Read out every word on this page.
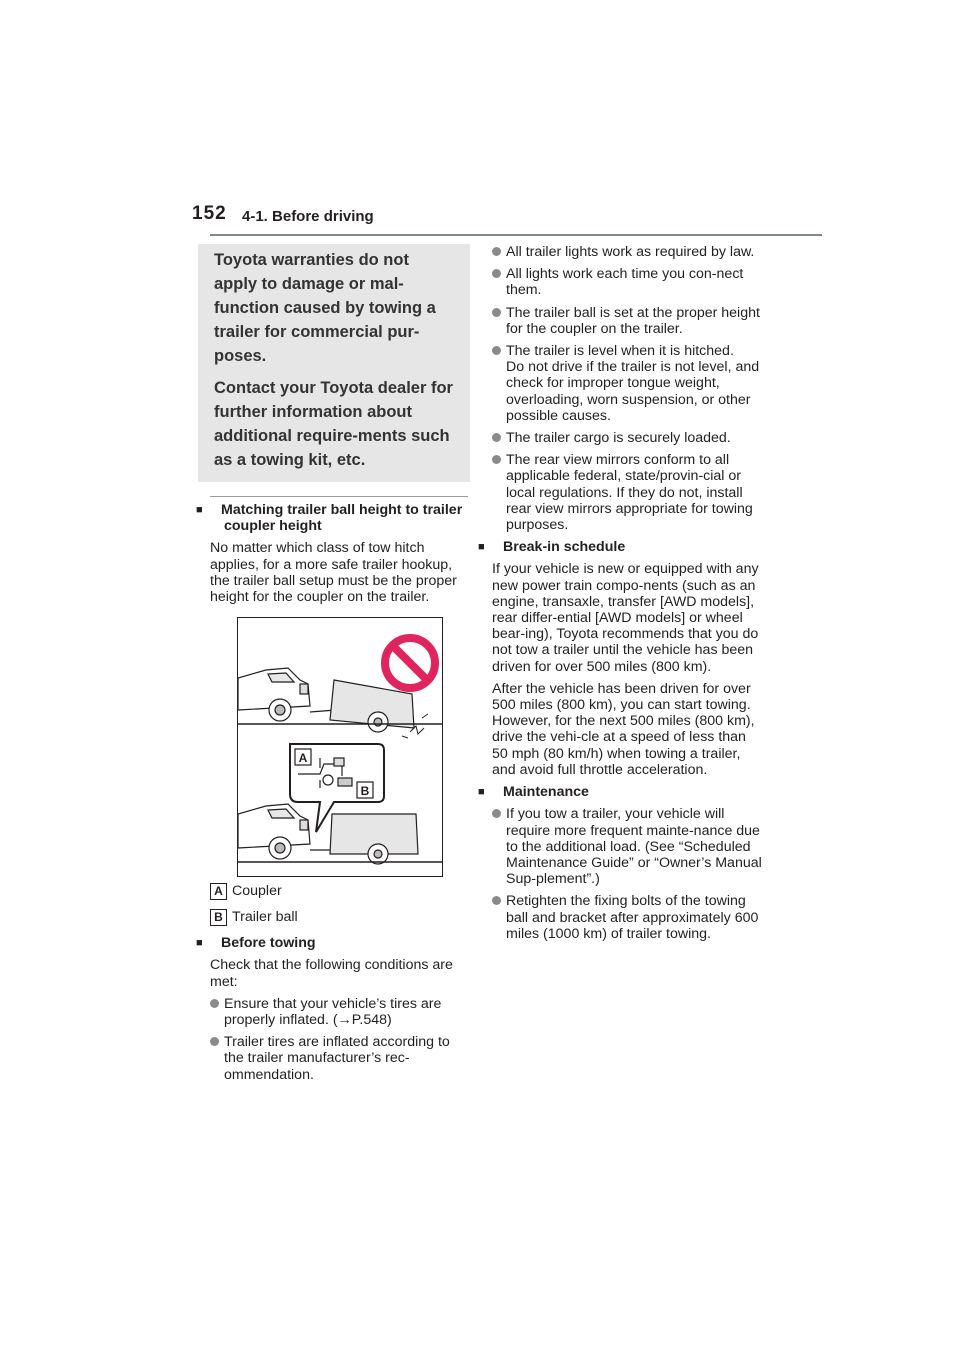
152 4-1. Before driving

Toyota warranties do not apply to damage or mal-function caused by towing a trailer for commercial pur-poses.

Contact your Toyota dealer for further information about additional require-ments such as a towing kit, etc.

■ Matching trailer ball height to trailer coupler height

No matter which class of tow hitch applies, for a more safe trailer hookup, the trailer ball setup must be the proper height for the coupler on the trailer.

A
B
A Coupler
B Trailer ball

■ Before towing

Check that the following conditions are met:

Ensure that your vehicle’s tires are properly inflated. (→P.548)
Trailer tires are inflated according to the trailer manufacturer’s rec-ommendation.
All trailer lights work as required by law.
All lights work each time you con-nect them.
The trailer ball is set at the proper height for the coupler on the trailer.
The trailer is level when it is hitched.
Do not drive if the trailer is not level, and check for improper tongue weight, overloading, worn suspension, or other possible causes.
The trailer cargo is securely loaded.
The rear view mirrors conform to all applicable federal, state/provin-cial or local regulations. If they do not, install rear view mirrors appropriate for towing purposes.

■ Break-in schedule

If your vehicle is new or equipped with any new power train compo-nents (such as an engine, transaxle, transfer [AWD models], rear differ-ential [AWD models] or wheel bear-ing), Toyota recommends that you do not tow a trailer until the vehicle has been driven for over 500 miles (800 km).

After the vehicle has been driven for over 500 miles (800 km), you can start towing. However, for the next 500 miles (800 km), drive the vehi-cle at a speed of less than 50 mph (80 km/h) when towing a trailer, and avoid full throttle acceleration.

■ Maintenance

If you tow a trailer, your vehicle will require more frequent mainte-nance due to the additional load. (See “Scheduled Maintenance Guide” or “Owner’s Manual Sup-plement”.)
Retighten the fixing bolts of the towing ball and bracket after approximately 600 miles (1000 km) of trailer towing.
